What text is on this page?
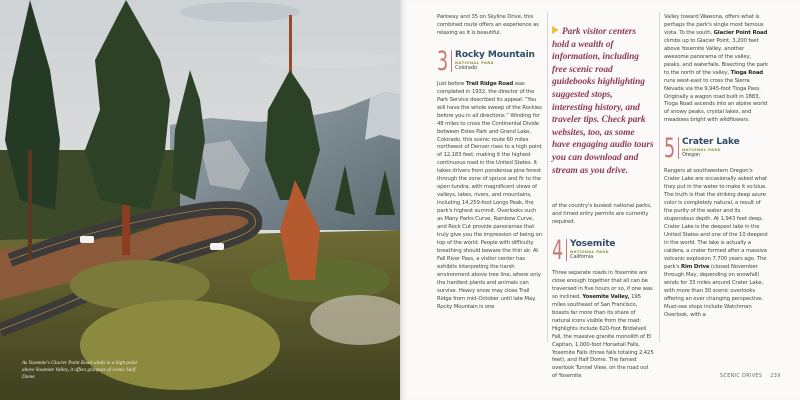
As Yosemite's Glacier Point Road winds to a high point above Yosemite Valley, it offers glimpses of iconic Half Dome.

Parkway and 35 on Skyline Drive, this combined route offers an experience as relaxing as it is beautiful.

3 Rocky Mountain
NATIONAL PARK
Colorado

Just before Trail Ridge Road was completed in 1932, the director of the Park Service described its appeal: “You will have the whole sweep of the Rockies before you in all directions.” Winding for 48 miles to cross the Continental Divide between Estes Park and Grand Lake, Colorado, this scenic route 60 miles northwest of Denver rises to a high point of 12,183 feet, making it the highest continuous road in the United States. It takes drivers from ponderosa pine forest through the zone of spruce and fir to the open tundra, with magnificent views of valleys, lakes, rivers, and mountains, including 14,259-foot Longs Peak, the park's highest summit. Overlooks such as Many Parks Curve, Rainbow Curve, and Rock Cut provide panoramas that truly give you the impression of being on top of the world. People with difficulty breathing should beware the thin air. At Fall River Pass, a visitor center has exhibits interpreting the harsh environment above tree line, where only the hardiest plants and animals can survive. Heavy snow may close Trail Ridge from mid-October until late May. Rocky Mountain is one

Park visitor centers hold a wealth of information, including free scenic road guidebooks highlighting suggested stops, interesting history, and traveler tips. Check park websites, too, as some have engaging audio tours you can download and stream as you drive.

of the country's busiest national parks, and timed entry permits are currently required.

4 Yosemite
NATIONAL PARK
California

Three separate roads in Yosemite are close enough together that all can be traversed in five hours or so, if one was so inclined. Yosemite Valley, 195 miles southeast of San Francisco, boasts far more than its share of natural icons visible from the road: Highlights include 620-foot Bridalveil Fall, the massive granite monolith of El Capitan, 1,000-foot Horsetail Falls, Yosemite Falls (three falls totaling 2,425 feet), and Half Dome. The famed overlook Tunnel View, on the road out of Yosemite

Valley toward Wawona, offers what is perhaps the park's single most famous vista. To the south, Glacier Point Road climbs up to Glacier Point, 3,200 feet above Yosemite Valley, another awesome panorama of the valley, peaks, and waterfalls. Bisecting the park to the north of the valley, Tioga Road runs west-east to cross the Sierra Nevada via the 9,945-foot Tioga Pass. Originally a wagon road built in 1883, Tioga Road ascends into an alpine world of snowy peaks, crystal lakes, and meadows bright with wildflowers.

5 Crater Lake
NATIONAL PARK
Oregon

Rangers at southwestern Oregon's Crater Lake are occasionally asked what they put in the water to make it so blue. The truth is that the striking deep azure color is completely natural, a result of the purity of the water and its stupendous depth. At 1,943 feet deep, Crater Lake is the deepest lake in the United States and one of the 10 deepest in the world. The lake is actually a caldera, a crater formed after a massive volcanic explosion 7,700 years ago. The park's Rim Drive (closed November through May, depending on snowfall) winds for 33 miles around Crater Lake, with more than 30 scenic overlooks offering an ever changing perspective. Must-see stops include Watchman Overlook, with a

SCENIC DRIVES 239
